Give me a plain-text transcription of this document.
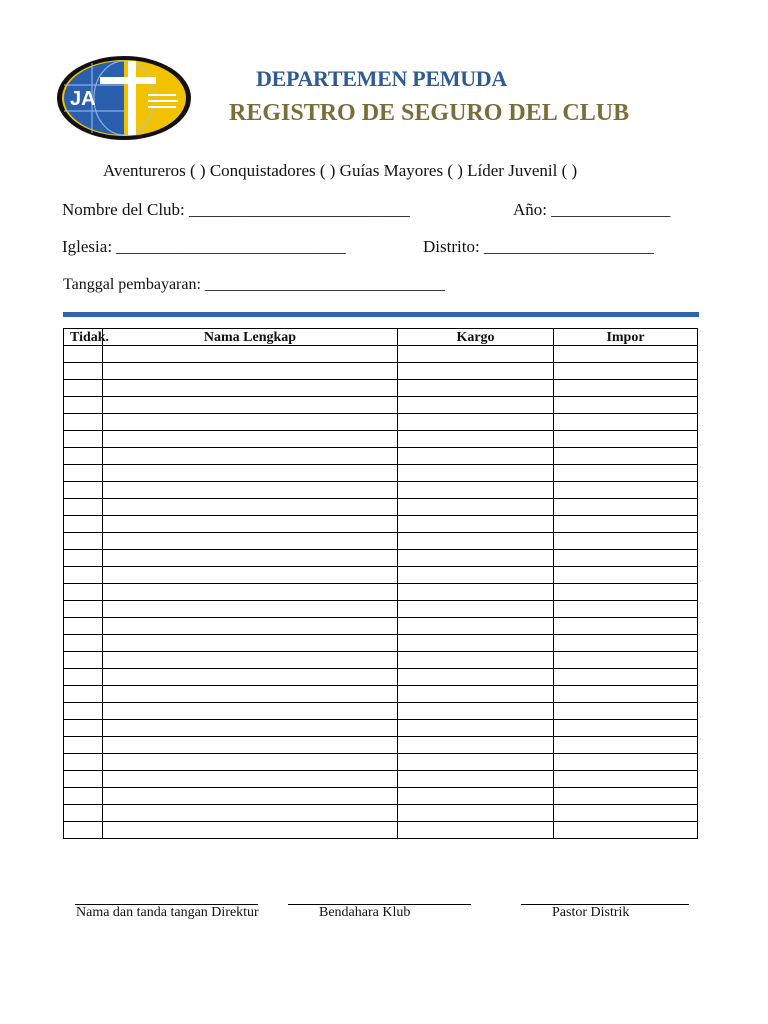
JA
DEPARTEMEN PEMUDA
REGISTRO DE SEGURO DEL CLUB
Aventureros ( ) Conquistadores ( ) Guías Mayores ( ) Líder Juvenil ( )
Nombre del Club: __________________________	Año: ______________
Iglesia: ___________________________	Distrito: ____________________
Tanggal pembayaran: ______________________________
Tidak.	Nama Lengkap	Kargo	Impor

Nama dan tanda tangan Direktur	Bendahara Klub	Pastor Distrik
